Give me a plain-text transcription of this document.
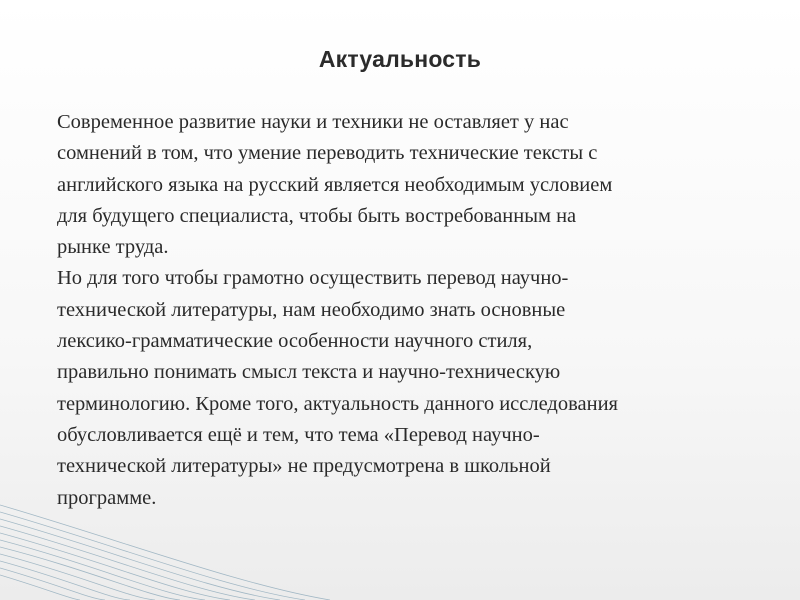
Актуальность

Современное развитие науки и техники не оставляет у нас
сомнений в том, что умение переводить технические тексты с
английского языка на русский является необходимым условием
для будущего специалиста, чтобы быть востребованным на
рынке труда.

Но для того чтобы грамотно осуществить перевод научно-
технической литературы, нам необходимо знать основные
лексико-грамматические особенности научного стиля,
правильно понимать смысл текста и научно-техническую
терминологию. Кроме того, актуальность данного исследования
обусловливается ещё и тем, что тема «Перевод научно-
технической литературы» не предусмотрена в школьной
программе.
